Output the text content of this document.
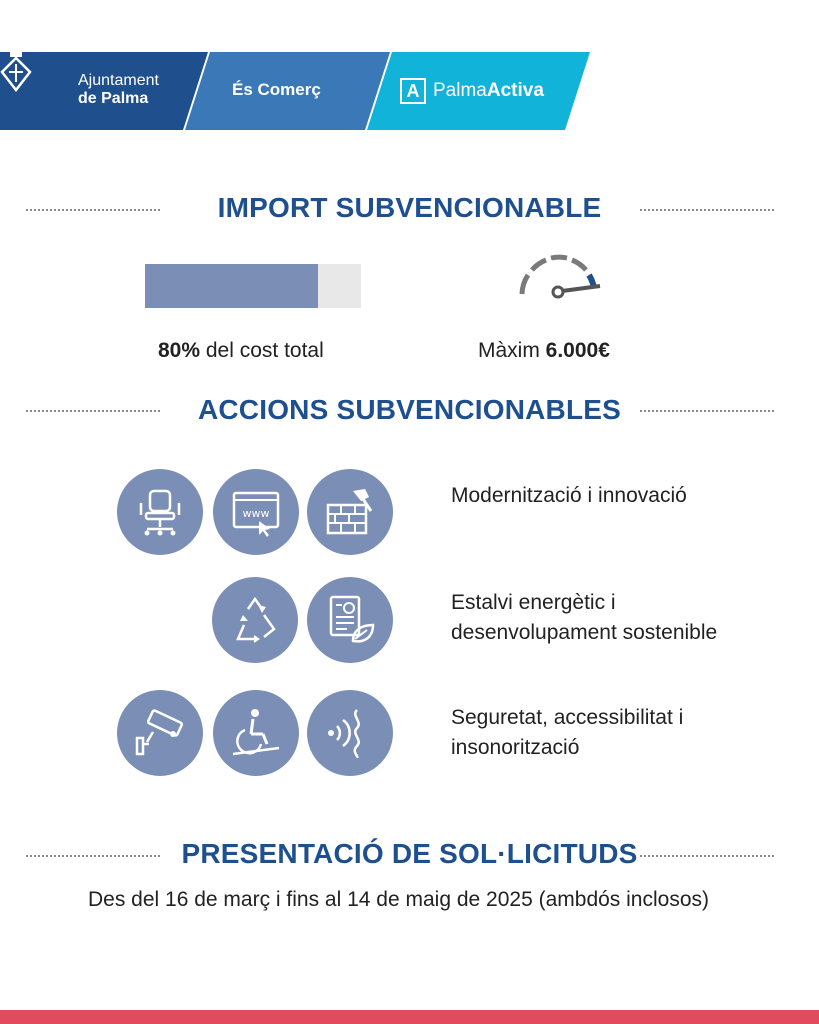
Ajuntament
de Palma	És Comerç	A PalmaActiva
IMPORT SUBVENCIONABLE
80% del cost total	Màxim 6.000€
ACCIONS SUBVENCIONABLES
www
Modernització i innovació
Estalvi energètic i desenvolupament sostenible
Seguretat, accessibilitat i insonorització
PRESENTACIÓ DE SOL·LICITUDS
Des del 16 de març i fins al 14 de maig de 2025 (ambdós inclosos)
